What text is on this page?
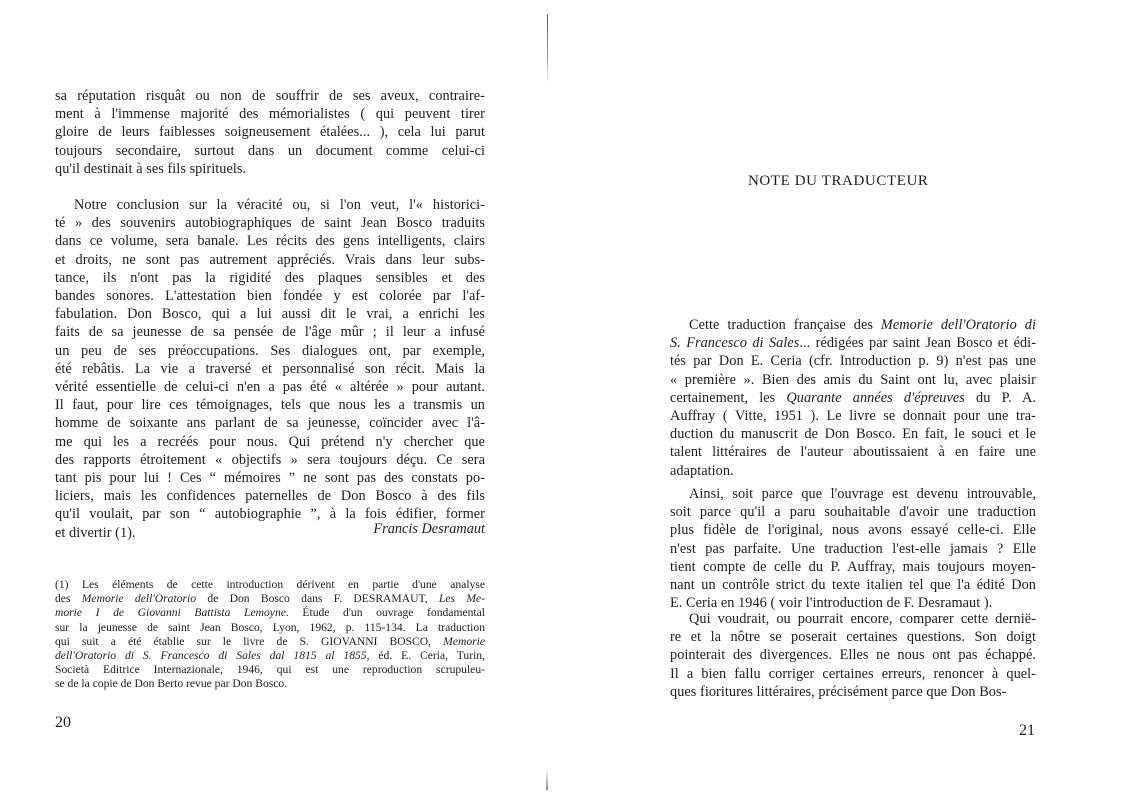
sa réputation risquât ou non de souffrir de ses aveux, contraire-
ment à l'immense majorité des mémorialistes ( qui peuvent tirer
gloire de leurs faiblesses soigneusement étalées... ), cela lui parut
toujours secondaire, surtout dans un document comme celui-ci
qu'il destinait à ses fils spirituels.
Notre conclusion sur la véracité ou, si l'on veut, l'« historici-
té » des souvenirs autobiographiques de saint Jean Bosco traduits
dans ce volume, sera banale. Les récits des gens intelligents, clairs
et droits, ne sont pas autrement appréciés. Vrais dans leur subs-
tance, ils n'ont pas la rigidité des plaques sensibles et des
bandes sonores. L'attestation bien fondée y est colorée par l'af-
fabulation. Don Bosco, qui a lui aussi dit le vrai, a enrichi les
faits de sa jeunesse de sa pensée de l'âge mûr ; il leur a infusé
un peu de ses préoccupations. Ses dialogues ont, par exemple,
été rebâtis. La vie a traversé et personnalisé son récit. Mais la
vérité essentielle de celui-ci n'en a pas été « altérée » pour autant.
Il faut, pour lire ces témoignages, tels que nous les a transmis un
homme de soixante ans parlant de sa jeunesse, coïncider avec l'â-
me qui les a recréés pour nous. Qui prétend n'y chercher que
des rapports étroitement « objectifs » sera toujours déçu. Ce sera
tant pis pour lui ! Ces “ mémoires ” ne sont pas des constats po-
liciers, mais les confidences paternelles de Don Bosco à des fils
qu'il voulait, par son “ autobiographie ”, à la fois édifier, former
et divertir (1).	Francis Desramaut
(1) Les éléments de cette introduction dérivent en partie d'une analyse
des Memorie dell'Oratorio de Don Bosco dans F. DESRAMAUT, Les Me-
morie I de Giovanni Battista Lemoyne. Étude d'un ouvrage fondamental
sur la jeunesse de saint Jean Bosco, Lyon, 1962, p. 115-134. La traduction
qui suit a été établie sur le livre de S. GIOVANNI BOSCO, Memorie
dell'Oratorio di S. Francesco di Sales dal 1815 al 1855, éd. E. Ceria, Turin,
Società Editrice Internazionale, 1946, qui est une reproduction scrupuleu-
se de la copie de Don Berto revue par Don Bosco.
20
NOTE DU TRADUCTEUR
Cette traduction française des Memorie dell'Oratorio di
S. Francesco di Sales... rédigées par saint Jean Bosco et édi-
tés par Don E. Ceria (cfr. Introduction p. 9) n'est pas une
« première ». Bien des amis du Saint ont lu, avec plaisir
certainement, les Quarante années d'épreuves du P. A.
Auffray ( Vitte, 1951 ). Le livre se donnait pour une tra-
duction du manuscrit de Don Bosco. En fait, le souci et le
talent littéraires de l'auteur aboutissaient à en faire une
adaptation.
Ainsi, soit parce que l'ouvrage est devenu introuvable,
soit parce qu'il a paru souhaitable d'avoir une traduction
plus fidèle de l'original, nous avons essayé celle-ci. Elle
n'est pas parfaite. Une traduction l'est-elle jamais ? Elle
tient compte de celle du P. Auffray, mais toujours moyen-
nant un contrôle strict du texte italien tel que l'a édité Don
E. Ceria en 1946 ( voir l'introduction de F. Desramaut ).
Qui voudrait, ou pourrait encore, comparer cette dernië-
re et la nôtre se poserait certaines questions. Son doigt
pointerait des divergences. Elles ne nous ont pas échappé.
Il a bien fallu corriger certaines erreurs, renoncer à quel-
ques fioritures littéraires, précisément parce que Don Bos-
21
